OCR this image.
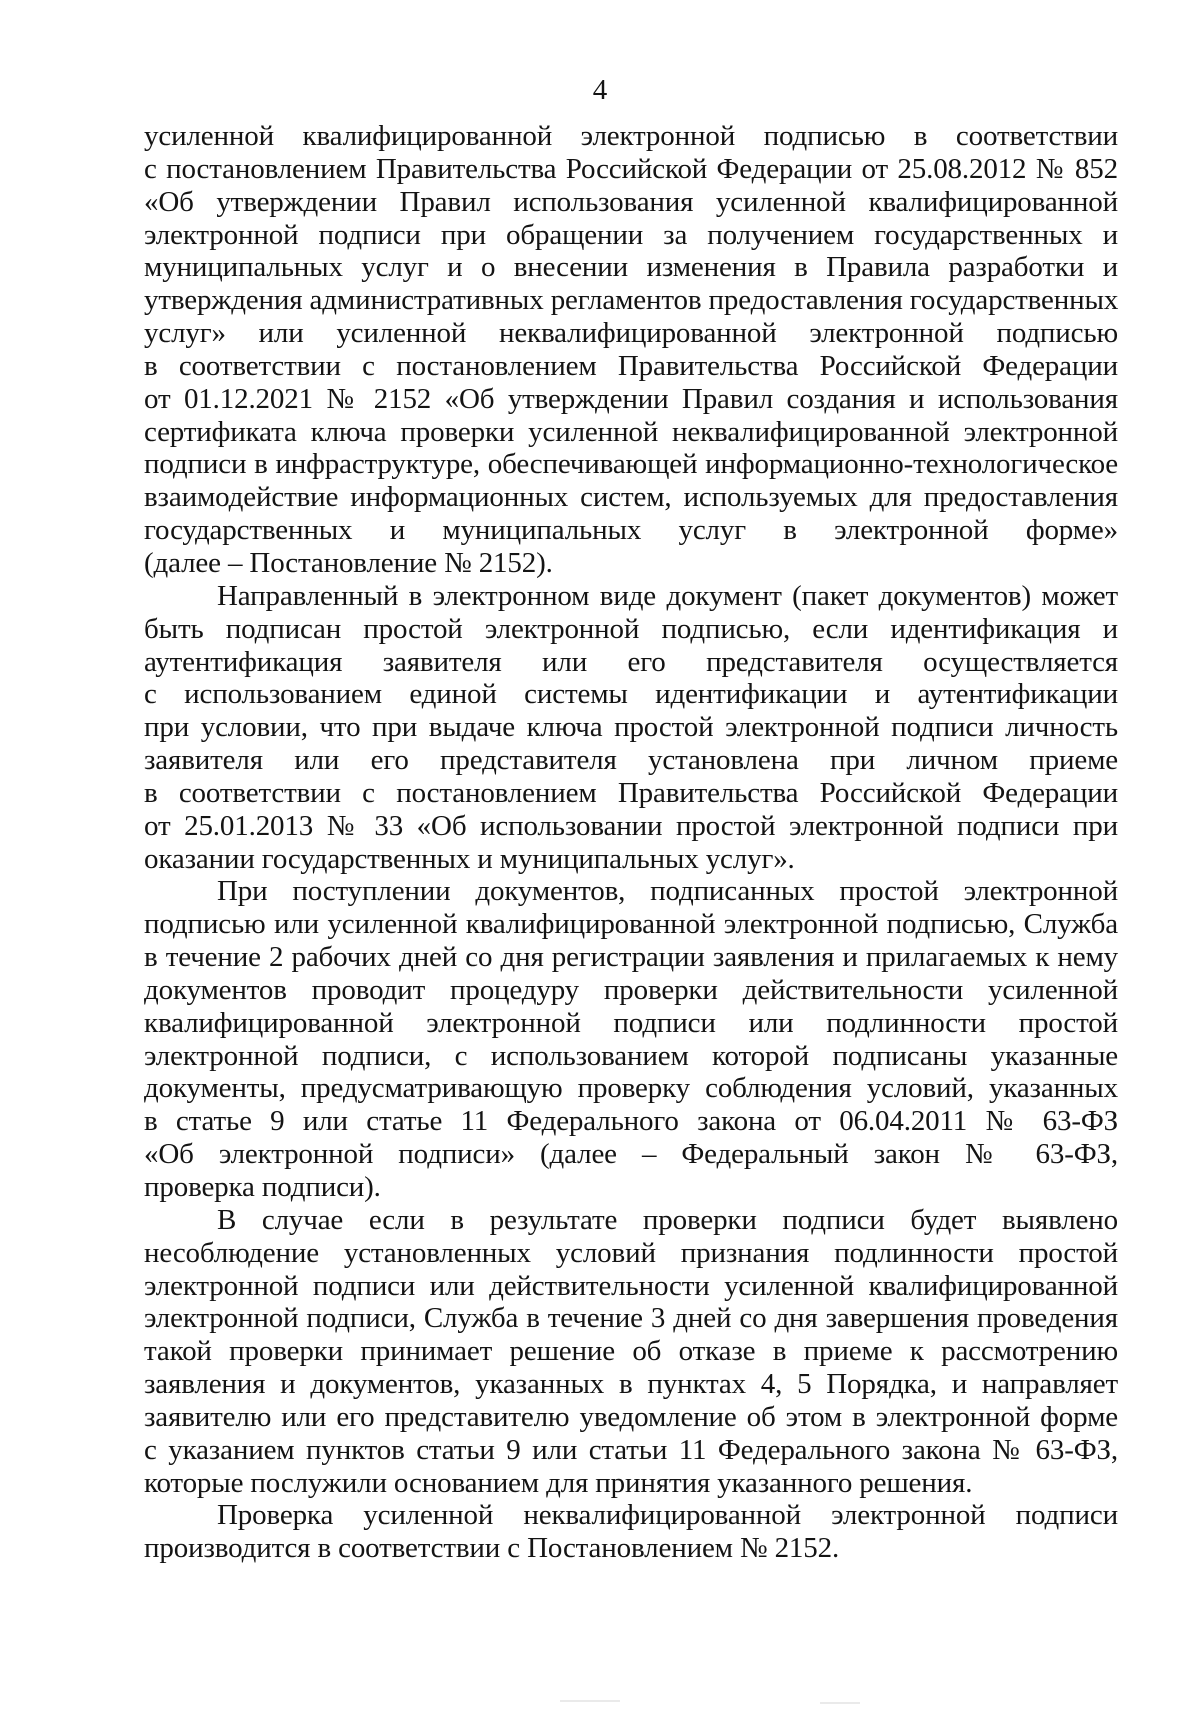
4

усиленной квалифицированной электронной подписью в соответствии
с постановлением Правительства Российской Федерации от 25.08.2012 № 852
«Об утверждении Правил использования усиленной квалифицированной
электронной подписи при обращении за получением государственных и
муниципальных услуг и о внесении изменения в Правила разработки и
утверждения административных регламентов предоставления государственных
услуг» или усиленной неквалифицированной электронной подписью
в соответствии с постановлением Правительства Российской Федерации
от 01.12.2021 № 2152 «Об утверждении Правил создания и использования
сертификата ключа проверки усиленной неквалифицированной электронной
подписи в инфраструктуре, обеспечивающей информационно-технологическое
взаимодействие информационных систем, используемых для предоставления
государственных и муниципальных услуг в электронной форме»
(далее – Постановление № 2152).

Направленный в электронном виде документ (пакет документов) может
быть подписан простой электронной подписью, если идентификация и
аутентификация заявителя или его представителя осуществляется
с использованием единой системы идентификации и аутентификации
при условии, что при выдаче ключа простой электронной подписи личность
заявителя или его представителя установлена при личном приеме
в соответствии с постановлением Правительства Российской Федерации
от 25.01.2013 № 33 «Об использовании простой электронной подписи при
оказании государственных и муниципальных услуг».

При поступлении документов, подписанных простой электронной
подписью или усиленной квалифицированной электронной подписью, Служба
в течение 2 рабочих дней со дня регистрации заявления и прилагаемых к нему
документов проводит процедуру проверки действительности усиленной
квалифицированной электронной подписи или подлинности простой
электронной подписи, с использованием которой подписаны указанные
документы, предусматривающую проверку соблюдения условий, указанных
в статье 9 или статье 11 Федерального закона от 06.04.2011 № 63-ФЗ
«Об электронной подписи» (далее – Федеральный закон № 63-ФЗ,
проверка подписи).

В случае если в результате проверки подписи будет выявлено
несоблюдение установленных условий признания подлинности простой
электронной подписи или действительности усиленной квалифицированной
электронной подписи, Служба в течение 3 дней со дня завершения проведения
такой проверки принимает решение об отказе в приеме к рассмотрению
заявления и документов, указанных в пунктах 4, 5 Порядка, и направляет
заявителю или его представителю уведомление об этом в электронной форме
с указанием пунктов статьи 9 или статьи 11 Федерального закона № 63-ФЗ,
которые послужили основанием для принятия указанного решения.

Проверка усиленной неквалифицированной электронной подписи
производится в соответствии с Постановлением № 2152.
